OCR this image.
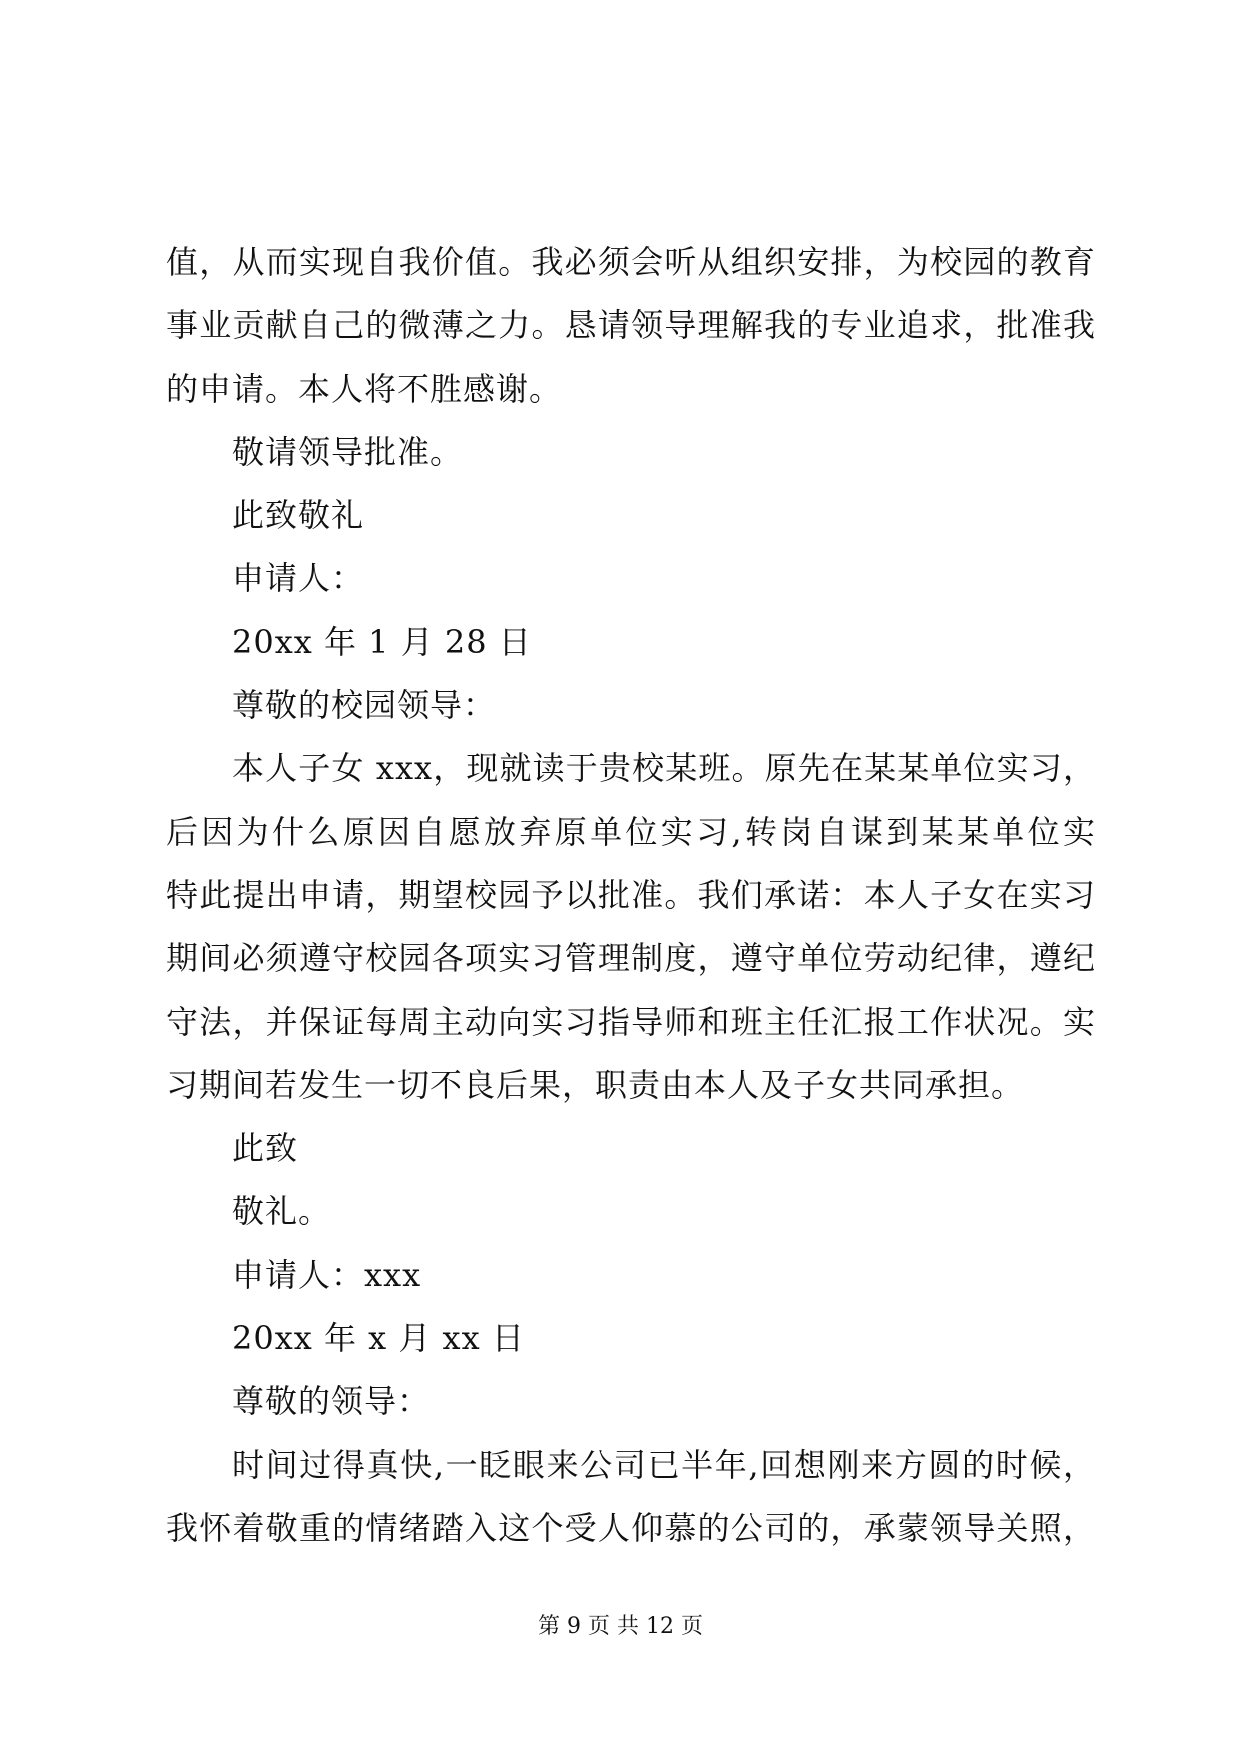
值，从而实现自我价值。我必须会听从组织安排，为校园的教育
事业贡献自己的微薄之力。恳请领导理解我的专业追求，批准我
的申请。本人将不胜感谢。
敬请领导批准。
此致敬礼
申请人：
20xx 年 1 月 28 日
尊敬的校园领导：
本人子女 xxx，现就读于贵校某班。原先在某某单位实习，
后因为什么原因自愿放弃原单位实习,转岗自谋到某某单位实
特此提出申请，期望校园予以批准。我们承诺：本人子女在实习
期间必须遵守校园各项实习管理制度，遵守单位劳动纪律，遵纪
守法，并保证每周主动向实习指导师和班主任汇报工作状况。实
习期间若发生一切不良后果，职责由本人及子女共同承担。
此致
敬礼。
申请人：xxx
20xx 年 x 月 xx 日
尊敬的领导：
时间过得真快,一眨眼来公司已半年,回想刚来方圆的时候，
我怀着敬重的情绪踏入这个受人仰慕的公司的，承蒙领导关照，
第 9 页 共 12 页
